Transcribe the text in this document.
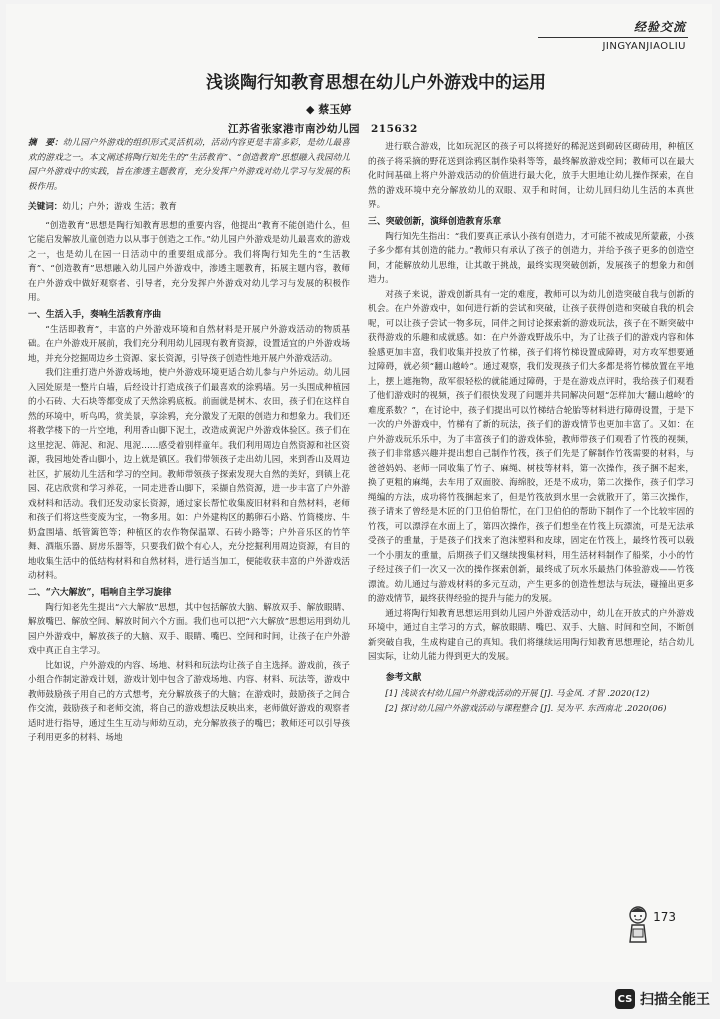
经验交流
JINGYANJIAOLIU
浅谈陶行知教育思想在幼儿户外游戏中的运用
◆ 蔡玉婷
江苏省张家港市南沙幼儿园　215632

摘　要：幼儿园户外游戏的组织形式灵活机动，活动内容更是丰富多彩，是幼儿最喜欢的游戏之一。本文阐述将陶行知先生的“生活教育”、“创造教育”思想融入我园幼儿园户外游戏中的实践，旨在渗透主题教育，充分发挥户外游戏对幼儿学习与发展的积极作用。

关键词：幼儿；户外；游戏 生活；教育

“创造教育”思想是陶行知教育思想的重要内容，他提出“教育不能创造什么，但它能启发解放儿童创造力以从事于创造之工作。”幼儿园户外游戏是幼儿最喜欢的游戏之一，也是幼儿在园一日活动中的重要组成部分。我们将陶行知先生的“生活教育”、“创造教育”思想融入幼儿园户外游戏中，渗透主题教育，拓展主题内容，教师在户外游戏中做好观察者、引导者，充分发挥户外游戏对幼儿学习与发展的积极作用。

一、生活入手，奏响生活教育序曲

“生活即教育”，丰富的户外游戏环境和自然材料是开展户外游戏活动的物质基础。在户外游戏开展前，我们充分利用幼儿园现有教育资源，设置适宜的户外游戏场地，并充分挖掘周边乡土资源、家长资源，引导孩子创造性地开展户外游戏活动。

我们注重打造户外游戏场地，使户外游戏环境更适合幼儿参与户外运动。幼儿园入园处原是一整片白墙，后经设计打造成孩子们最喜欢的涂鸦墙。另一头围成种植园的小石砖、大石块等都变成了天然涂鸦底板。前面就是树木、农田，孩子们在这样自然的环境中，听鸟鸣，赏美景，享涂鸦，充分激发了无限的创造力和想象力。我们还将教学楼下的一片空地，利用香山脚下泥土，改造成黄泥户外游戏体验区。孩子们在这里挖泥、筛泥、和泥、甩泥……感受着别样童年。我们利用周边自然资源和社区资源，我园地处香山脚小，边上就是镇区。我们带领孩子走出幼儿园，来到香山及周边社区，扩展幼儿生活和学习的空间。教师带领孩子探索发现大自然的美好，到镇上花园、花店欣赏和学习养花，一同走进香山脚下，采撷自然资源，进一步丰富了户外游戏材料和活动。我们还发动家长资源，通过家长帮忙收集废旧材料和自然材料，老师和孩子们将这些变废为宝，一物多用。如：户外建构区的鹅卵石小路、竹筒楼房、牛奶盒围墙、纸管篱笆等；种植区的农作物保温罩、石砖小路等；户外音乐区的竹竿舞、酒瓶乐器、厨房乐器等，只要我们做个有心人，充分挖掘利用周边资源，有目的地收集生活中的低结构材料和自然材料，进行适当加工，便能收获丰富的户外游戏活动材料。

二、“六大解放”，唱响自主学习旋律

陶行知老先生提出“六大解放”思想，其中包括解放大脑、解放双手、解放眼睛、解放嘴巴、解放空间、解放时间六个方面。我们也可以把“六大解放”思想运用到幼儿园户外游戏中，解放孩子的大脑、双手、眼睛、嘴巴、空间和时间，让孩子在户外游戏中真正自主学习。

比如说，户外游戏的内容、场地、材料和玩法均让孩子自主选择。游戏前，孩子小组合作制定游戏计划，游戏计划中包含了游戏场地、内容、材料、玩法等，游戏中教师鼓励孩子用自己的方式想考，充分解放孩子的大脑；在游戏时，鼓励孩子之间合作交流，鼓励孩子和老师交流，将自己的游戏想法反映出来，老师做好游戏的观察者适时进行指导，通过生生互动与师幼互动，充分解放孩子的嘴巴；教师还可以引导孩子利用更多的材料、场地

进行联合游戏，比如玩泥区的孩子可以将搓好的稀泥送到砌砖区砌砖用，种植区的孩子将采摘的野花送到涂鸦区制作染料等等，最终解放游戏空间；教师可以在最大化时间基础上将户外游戏活动的价值进行最大化，放手大胆地让幼儿操作探索，在自然的游戏环境中充分解放幼儿的双眼、双手和时间，让幼儿回归幼儿生活的本真世界。

三、突破创新，演绎创造教育乐章

陶行知先生指出：“我们要真正承认小孩有创造力，才可能不被成见所蒙蔽，小孩子多少都有其创造的能力。”教师只有承认了孩子的创造力，并给予孩子更多的创造空间，才能解放幼儿思维，让其敢于挑战，最终实现突破创新，发展孩子的想象力和创造力。

对孩子来说，游戏创新具有一定的难度，教师可以为幼儿创造突破自我与创新的机会。在户外游戏中，如何进行新的尝试和突破，让孩子获得创造和突破自我的机会呢，可以让孩子尝试一物多玩，同伴之间讨论探索新的游戏玩法，孩子在不断突破中获得游戏的乐趣和成就感。如：在户外游戏野战乐中，为了让孩子们的游戏内容和体验感更加丰富，我们收集并投放了竹梯，孩子们将竹梯设置成障碍，对方攻军想要通过障碍，就必须“翻山越岭”。通过观察，我们发现孩子们大多都是将竹梯放置在平地上，摆上遮拖物，敌军很轻松的就能通过障碍，于是在游戏点评时，我给孩子们观看了他们游戏时的视频，孩子们很快发现了问题并共同解决问题“怎样加大‘翻山越岭’的难度系数？”，在讨论中，孩子们提出可以竹梯结合轮胎等材料进行障碍设置，于是下一次的户外游戏中，竹梯有了新的玩法，孩子们的游戏情节也更加丰富了。又如：在户外游戏玩乐乐中，为了丰富孩子们的游戏体验，教师带孩子们观看了竹筏的视频，孩子们非常感兴趣并提出想自己制作竹筏，孩子们先是了解制作竹筏需要的材料，与爸爸妈妈、老师一同收集了竹子、麻绳、树枝等材料，第一次操作，孩子捆不起来，换了更粗的麻绳，去车用了双面胶、海绵胶，还是不成功，第二次操作，孩子们学习绳编的方法，成功将竹筏捆起来了，但是竹筏放到水里一会就散开了，第三次操作，孩子请来了曾经是木匠的门卫伯伯帮忙，在门卫伯伯的帮助下制作了一个比较牢固的竹筏，可以漂浮在水面上了，第四次操作，孩子们想坐在竹筏上玩漂流，可是无法承受孩子的重量，于是孩子们找来了泡沫塑料和皮球，固定在竹筏上，最终竹筏可以载一个小朋友的重量，后期孩子们又继续搜集材料，用生活材料制作了船桨，小小的竹子经过孩子们一次又一次的操作探索创新，最终成了玩水乐最热门体验游戏——竹筏漂流。幼儿通过与游戏材料的多元互动，产生更多的创造性想法与玩法，碰撞出更多的游戏情节，最终获得经验的提升与能力的发展。

通过将陶行知教育思想运用到幼儿园户外游戏活动中，幼儿在开放式的户外游戏环境中，通过自主学习的方式，解放眼睛、嘴巴、双手、大脑、时间和空间，不断创新突破自我，生成构建自己的真知。我们将继续运用陶行知教育思想理论，结合幼儿园实际，让幼儿能力得到更大的发展。

参考文献

[1] 浅谈农村幼儿园户外游戏活动的开展 [J]. 马金凤. 才智 .2020(12)

[2] 探讨幼儿园户外游戏活动与课程整合 [J]. 吴为平. 东西南北 .2020(06)

173
CS 扫描全能王
